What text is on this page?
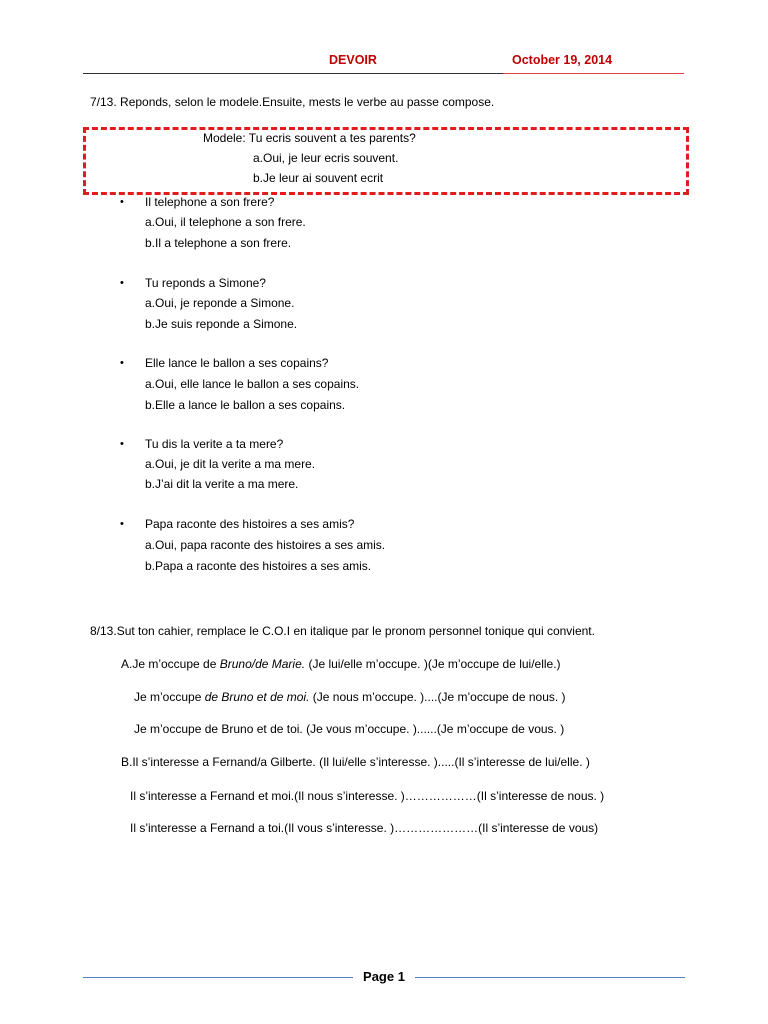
DEVOIR	October 19, 2014
7/13. Reponds, selon le modele.Ensuite, mests le verbe au passe compose.
Modele: Tu ecris souvent a tes parents?
a.Oui, je leur ecris souvent.
b.Je leur ai souvent ecrit
• Il telephone a son frere?
a.Oui, il telephone a son frere.
b.Il a telephone a son frere.
• Tu reponds a Simone?
a.Oui, je reponde a Simone.
b.Je suis reponde a Simone.
• Elle lance le ballon a ses copains?
a.Oui, elle lance le ballon a ses copains.
b.Elle a lance le ballon a ses copains.
• Tu dis la verite a ta mere?
a.Oui, je dit la verite a ma mere.
b.J’ai dit la verite a ma mere.
• Papa raconte des histoires a ses amis?
a.Oui, papa raconte des histoires a ses amis.
b.Papa a raconte des histoires a ses amis.
8/13.Sut ton cahier, remplace le C.O.I en italique par le pronom personnel tonique qui convient.
A.Je m’occupe de Bruno/de Marie. (Je lui/elle m’occupe. )(Je m’occupe de lui/elle.)
Je m’occupe de Bruno et de moi. (Je nous m’occupe. )....(Je m’occupe de nous. )
Je m’occupe de Bruno et de toi. (Je vous m’occupe. )......(Je m’occupe de vous. )
B.Il s’interesse a Fernand/a Gilberte. (Il lui/elle s’interesse. ).....(Il s’interesse de lui/elle. )
Il s’interesse a Fernand et moi.(Il nous s’interesse. )………………(Il s’interesse de nous. )
Il s’interesse a Fernand a toi.(Il vous s’interesse. )…………………(Il s’interesse de vous)
Page 1
